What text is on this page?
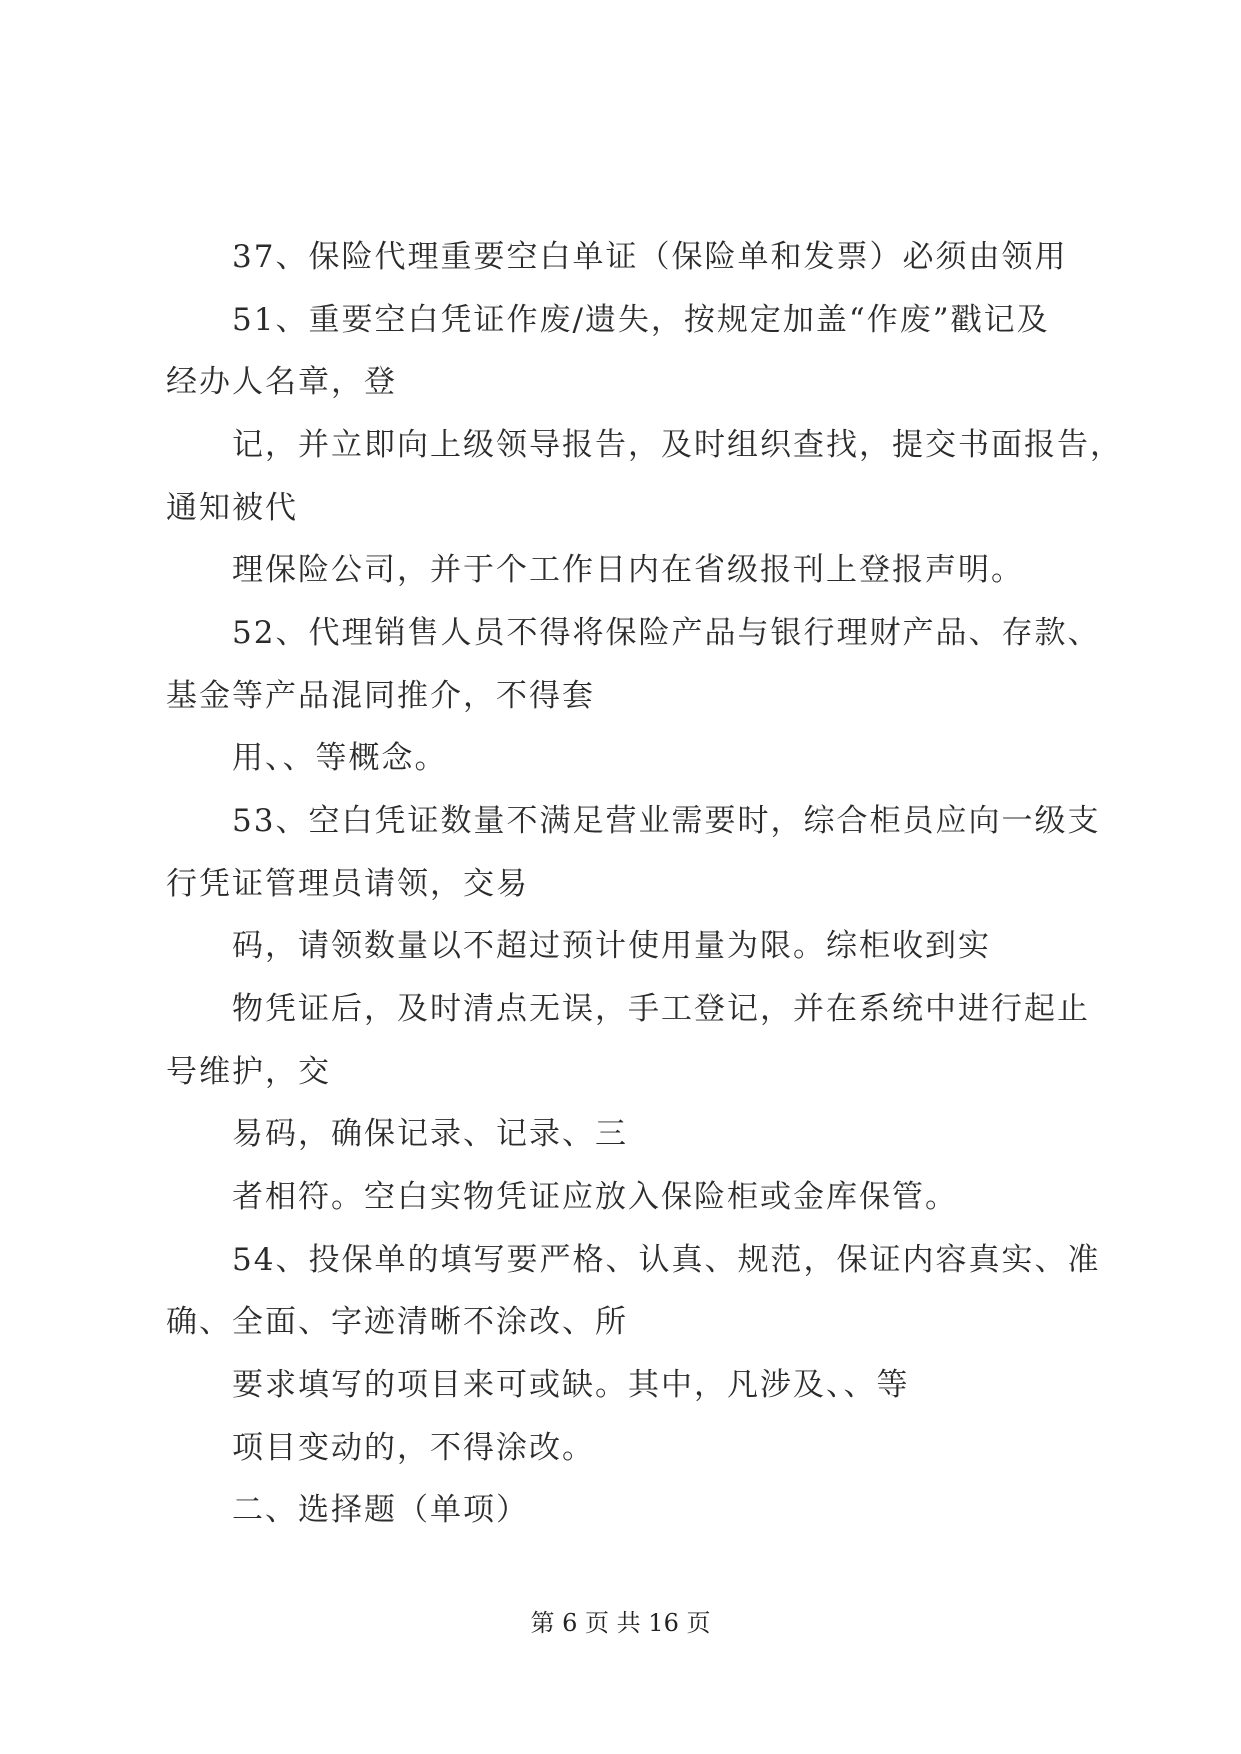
37、保险代理重要空白单证（保险单和发票）必须由领用
51、重要空白凭证作废/遗失，按规定加盖“作废”戳记及
经办人名章，登
记，并立即向上级领导报告，及时组织查找，提交书面报告，
通知被代
理保险公司，并于个工作日内在省级报刊上登报声明。
52、代理销售人员不得将保险产品与银行理财产品、存款、
基金等产品混同推介，不得套
用、、等概念。
53、空白凭证数量不满足营业需要时，综合柜员应向一级支
行凭证管理员请领，交易
码，请领数量以不超过预计使用量为限。综柜收到实
物凭证后，及时清点无误，手工登记，并在系统中进行起止
号维护，交
易码，确保记录、记录、三
者相符。空白实物凭证应放入保险柜或金库保管。
54、投保单的填写要严格、认真、规范，保证内容真实、准
确、全面、字迹清晰不涂改、所
要求填写的项目来可或缺。其中，凡涉及、、等
项目变动的，不得涂改。
二、选择题（单项）
第 6 页 共 16 页
